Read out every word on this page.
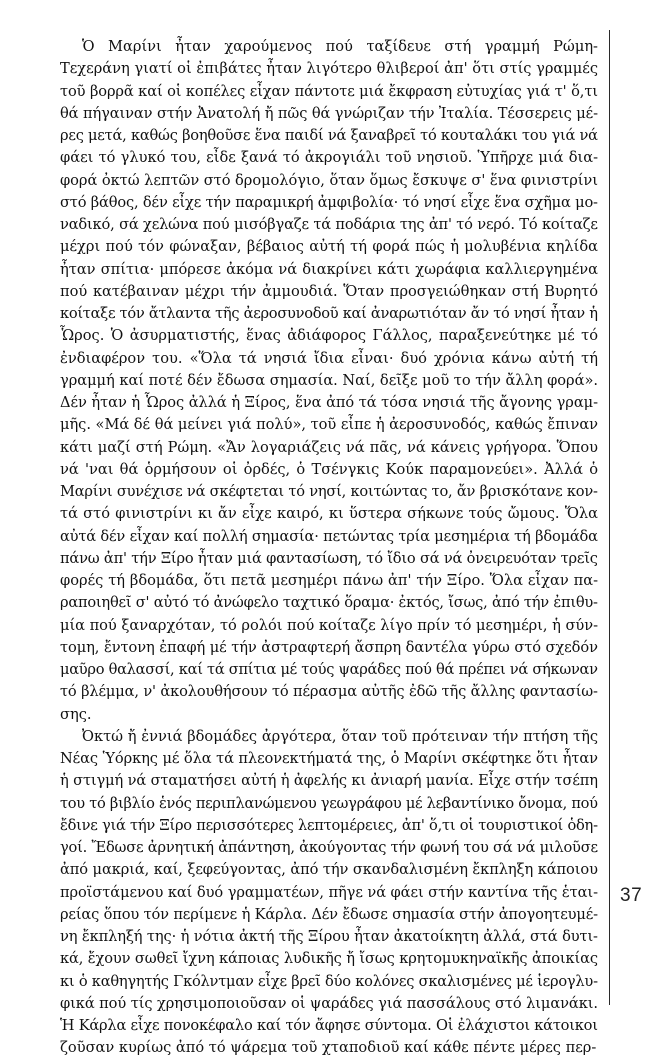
Ὁ Μαρίνι ἦταν χαρούμενος πού ταξίδευε στή γραμμή Ρώμη-
Τεχεράνη γιατί οἱ ἐπιβάτες ἦταν λιγότερο θλιβεροί ἀπ' ὅτι στίς γραμμές
τοῦ βορρᾶ καί οἱ κοπέλες εἶχαν πάντοτε μιά ἔκφραση εὐτυχίας γιά τ' ὅ,τι
θά πήγαιναν στήν Ἀνατολή ἤ πῶς θά γνώριζαν τήν Ἰταλία. Τέσσερεις μέ-
ρες μετά, καθώς βοηθοῦσε ἕνα παιδί νά ξαναβρεῖ τό κουταλάκι του γιά νά
φάει τό γλυκό του, εἶδε ξανά τό ἀκρογιάλι τοῦ νησιοῦ. Ὑπῆρχε μιά δια-
φορά ὀκτώ λεπτῶν στό δρομολόγιο, ὅταν ὅμως ἔσκυψε σ' ἕνα φινιστρίνι
στό βάθος, δέν εἶχε τήν παραμικρή ἀμφιβολία· τό νησί εἶχε ἕνα σχῆμα μο-
ναδικό, σά χελώνα πού μισόβγαζε τά ποδάρια της ἀπ' τό νερό. Τό κοίταζε
μέχρι πού τόν φώναξαν, βέβαιος αὐτή τή φορά πώς ἡ μολυβένια κηλίδα
ἦταν σπίτια· μπόρεσε ἀκόμα νά διακρίνει κάτι χωράφια καλλιεργημένα
πού κατέβαιναν μέχρι τήν ἀμμουδιά. Ὅταν προσγειώθηκαν στή Βυρητό
κοίταξε τόν ἄτλαντα τῆς ἀεροσυνοδοῦ καί ἀναρωτιόταν ἄν τό νησί ἦταν ἡ
Ὧρος. Ὁ ἀσυρματιστής, ἕνας ἀδιάφορος Γάλλος, παραξενεύτηκε μέ τό
ἐνδιαφέρον του. «Ὅλα τά νησιά ἴδια εἶναι· δυό χρόνια κάνω αὐτή τή
γραμμή καί ποτέ δέν ἔδωσα σημασία. Ναί, δεῖξε μοῦ το τήν ἄλλη φορά».
Δέν ἦταν ἡ Ὧρος ἀλλά ἡ Ξίρος, ἕνα ἀπό τά τόσα νησιά τῆς ἄγονης γραμ-
μῆς. «Μά δέ θά μείνει γιά πολύ», τοῦ εἶπε ἡ ἀεροσυνοδός, καθώς ἔπιναν
κάτι μαζί στή Ρώμη. «Ἄν λογαριάζεις νά πᾶς, νά κάνεις γρήγορα. Ὅπου
νά 'ναι θά ὁρμήσουν οἱ ὀρδές, ὁ Τσένγκις Κούκ παραμονεύει». Ἀλλά ὁ
Μαρίνι συνέχισε νά σκέφτεται τό νησί, κοιτώντας το, ἄν βρισκότανε κον-
τά στό φινιστρίνι κι ἄν εἶχε καιρό, κι ὕστερα σήκωνε τούς ὤμους. Ὅλα
αὐτά δέν εἶχαν καί πολλή σημασία· πετώντας τρία μεσημέρια τή βδομάδα
πάνω ἀπ' τήν Ξίρο ἦταν μιά φαντασίωση, τό ἴδιο σά νά ὀνειρευόταν τρεῖς
φορές τή βδομάδα, ὅτι πετᾶ μεσημέρι πάνω ἀπ' τήν Ξίρο. Ὅλα εἶχαν πα-
ραποιηθεῖ σ' αὐτό τό ἀνώφελο ταχτικό ὅραμα· ἐκτός, ἴσως, ἀπό τήν ἐπιθυ-
μία πού ξαναρχόταν, τό ρολόι πού κοίταζε λίγο πρίν τό μεσημέρι, ἡ σύν-
τομη, ἔντονη ἐπαφή μέ τήν ἀστραφτερή ἄσπρη δαντέλα γύρω στό σχεδόν
μαῦρο θαλασσί, καί τά σπίτια μέ τούς ψαράδες πού θά πρέπει νά σήκωναν
τό βλέμμα, ν' ἀκολουθήσουν τό πέρασμα αὐτῆς ἐδῶ τῆς ἄλλης φαντασίω-
σης.
Ὀκτώ ἤ ἐννιά βδομάδες ἀργότερα, ὅταν τοῦ πρότειναν τήν πτήση τῆς
Νέας Ὑόρκης μέ ὅλα τά πλεονεκτήματά της, ὁ Μαρίνι σκέφτηκε ὅτι ἦταν
ἡ στιγμή νά σταματήσει αὐτή ἡ ἀφελής κι ἀνιαρή μανία. Εἶχε στήν τσέπη
του τό βιβλίο ἑνός περιπλανώμενου γεωγράφου μέ λεβαντίνικο ὄνομα, πού
ἔδινε γιά τήν Ξίρο περισσότερες λεπτομέρειες, ἀπ' ὅ,τι οἱ τουριστικοί ὁδη-
γοί. Ἔδωσε ἀρνητική ἀπάντηση, ἀκούγοντας τήν φωνή του σά νά μιλοῦσε
ἀπό μακριά, καί, ξεφεύγοντας, ἀπό τήν σκανδαλισμένη ἔκπληξη κάποιου
προϊστάμενου καί δυό γραμματέων, πῆγε νά φάει στήν καντίνα τῆς ἑται-
ρείας ὅπου τόν περίμενε ἡ Κάρλα. Δέν ἔδωσε σημασία στήν ἀπογοητευμέ-
νη ἔκπληξή της· ἡ νότια ἀκτή τῆς Ξίρου ἦταν ἀκατοίκητη ἀλλά, στά δυτι-
κά, ἔχουν σωθεῖ ἴχνη κάποιας λυδικῆς ἤ ἴσως κρητομυκηναϊκῆς ἀποικίας
κι ὁ καθηγητής Γκόλντμαν εἶχε βρεῖ δύο κολόνες σκαλισμένες μέ ἱερογλυ-
φικά πού τίς χρησιμοποιοῦσαν οἱ ψαράδες γιά πασσάλους στό λιμανάκι.
Ἡ Κάρλα εἶχε πονοκέφαλο καί τόν ἄφησε σύντομα. Οἱ ἐλάχιστοι κάτοικοι
ζοῦσαν κυρίως ἀπό τό ψάρεμα τοῦ χταποδιοῦ καί κάθε πέντε μέρες περ-
37
